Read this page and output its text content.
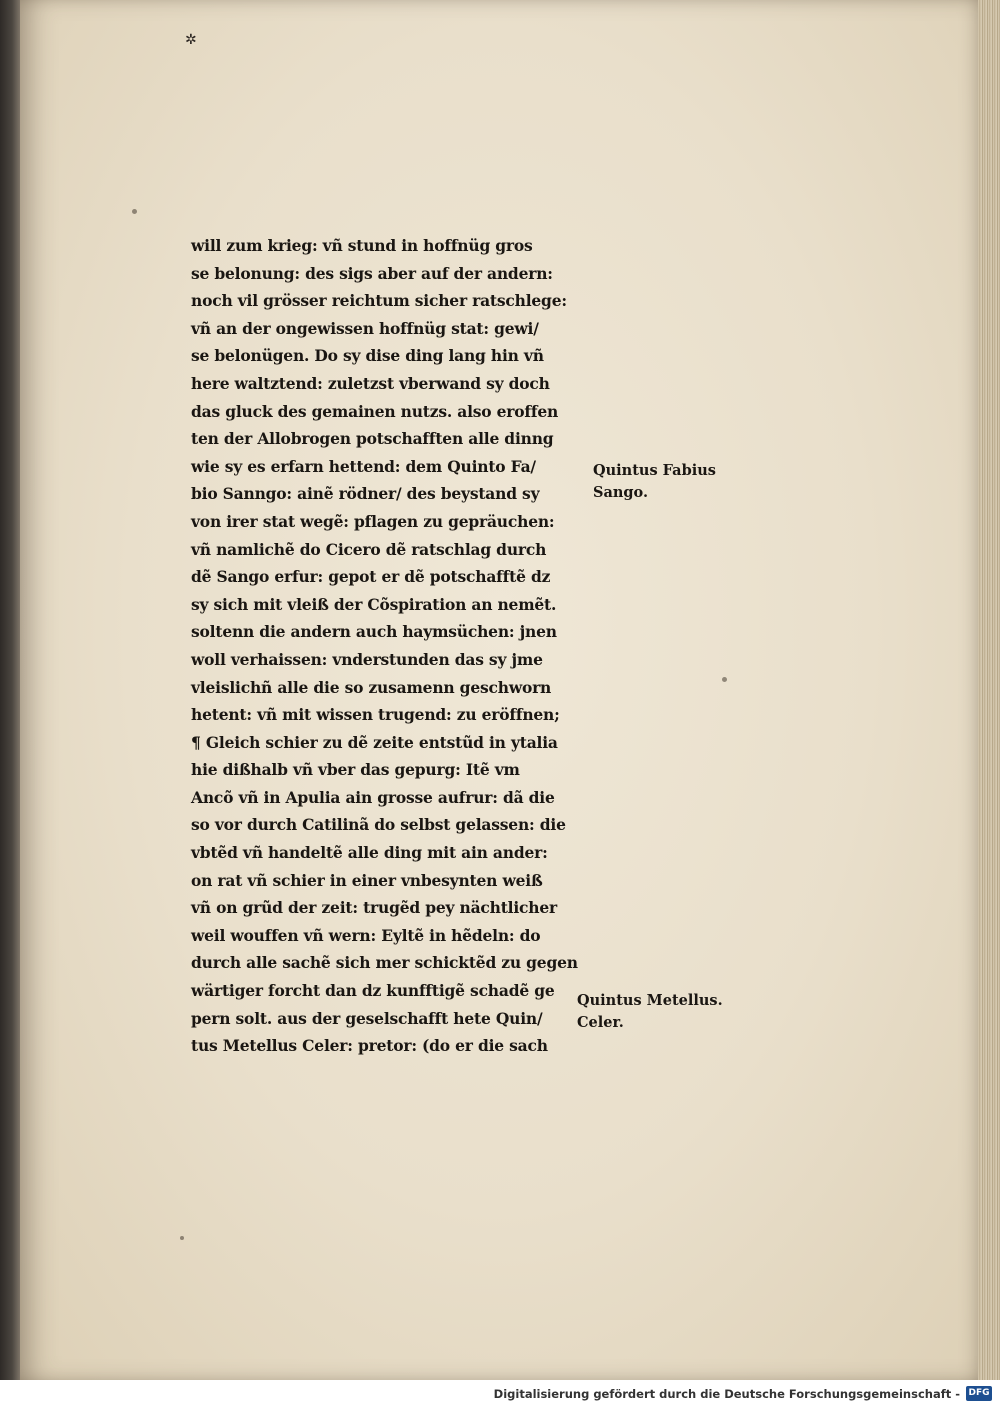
✲
will zum krieg: vñ stund in hoffnüg gros
se belonung: des sigs aber auf der andern:
noch vil grösser reichtum sicher ratschlege:
vñ an der ongewissen hoffnüg stat: gewi/
se belonügen. Do sy dise ding lang hin vñ
here waltztend: zuletzst vberwand sy doch
das gluck des gemainen nutzs. also eroffen
ten der Allobrogen potschafften alle dinng
wie sy es erfarn hettend: dem Quinto Fa/
bio Sanngo: ainẽ rödner/ des beystand sy
von irer stat wegẽ: pflagen zu gepräuchen:
vñ namlichẽ do Cicero dẽ ratschlag durch
dẽ Sango erfur: gepot er dẽ potschafftẽ dz
sy sich mit vleiß der Cõspiration an nemẽt.
soltenn die andern auch haymsüchen: jnen
woll verhaissen: vnderstunden das sy jme
vleislichñ alle die so zusamenn geschworn
hetent: vñ mit wissen trugend: zu eröffnen;
¶ Gleich schier zu dẽ zeite entstũd in ytalia
hie dißhalb vñ vber das gepurg: Itẽ vm
Ancõ vñ in Apulia ain grosse aufrur: dã die
so vor durch Catilinã do selbst gelassen: die
vbtẽd vñ handeltẽ alle ding mit ain ander:
on rat vñ schier in einer vnbesynten weiß
vñ on grũd der zeit: trugẽd pey nächtlicher
weil wouffen vñ wern: Eyltẽ in hẽdeln: do
durch alle sachẽ sich mer schicktẽd zu gegen
wärtiger forcht dan dz kunfftigẽ schadẽ ge
pern solt. aus der geselschafft hete Quin/
tus Metellus Celer: pretor: (do er die sach
Quintus Fabius
Sango.
Quintus Metellus.
Celer.
Digitalisierung gefördert durch die Deutsche Forschungsgemeinschaft - DFG
